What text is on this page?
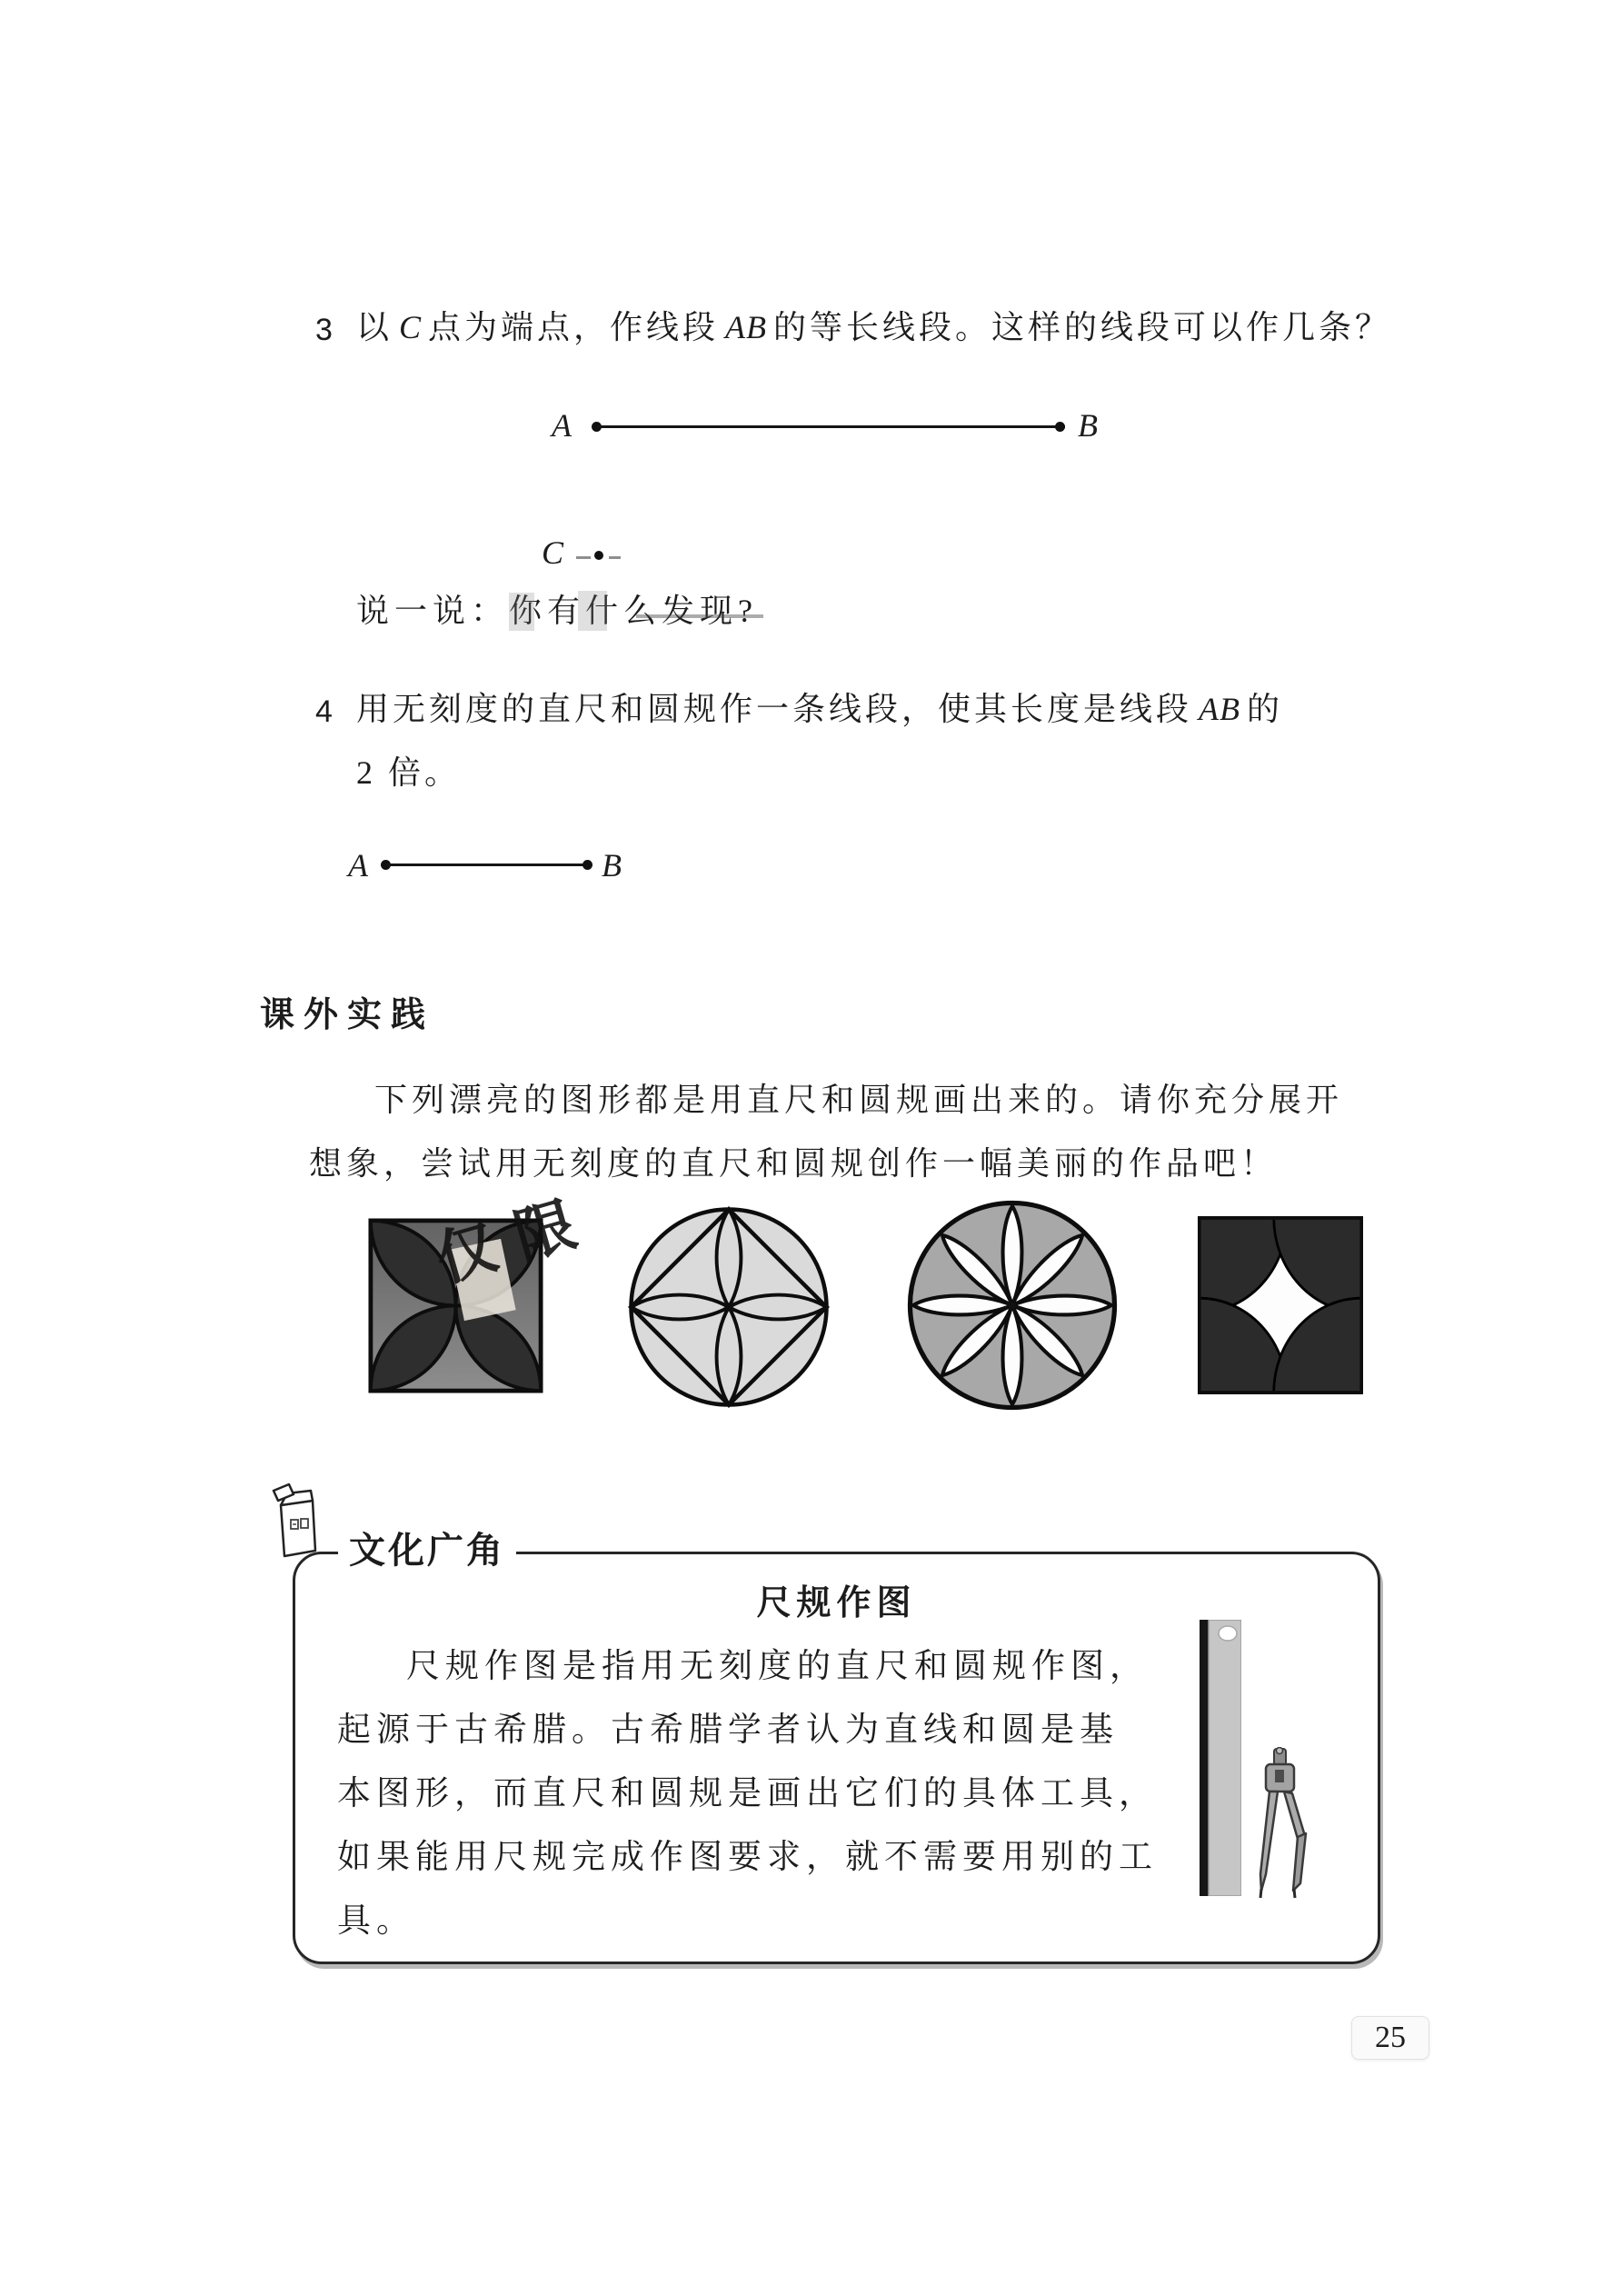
3 以 C 点为端点，作线段 AB 的等长线段。这样的线段可以作几条？
A	B
C
说一说：你有什么发现?
4 用无刻度的直尺和圆规作一条线段，使其长度是线段 AB 的
2 倍。
A	B
课外实践
下列漂亮的图形都是用直尺和圆规画出来的。请你充分展开
想象，尝试用无刻度的直尺和圆规创作一幅美丽的作品吧！
仅限
尺规作图
尺规作图是指用无刻度的直尺和圆规作图，
起源于古希腊。古希腊学者认为直线和圆是基
本图形，而直尺和圆规是画出它们的具体工具，
如果能用尺规完成作图要求，就不需要用别的工
具。
文化广角
25
